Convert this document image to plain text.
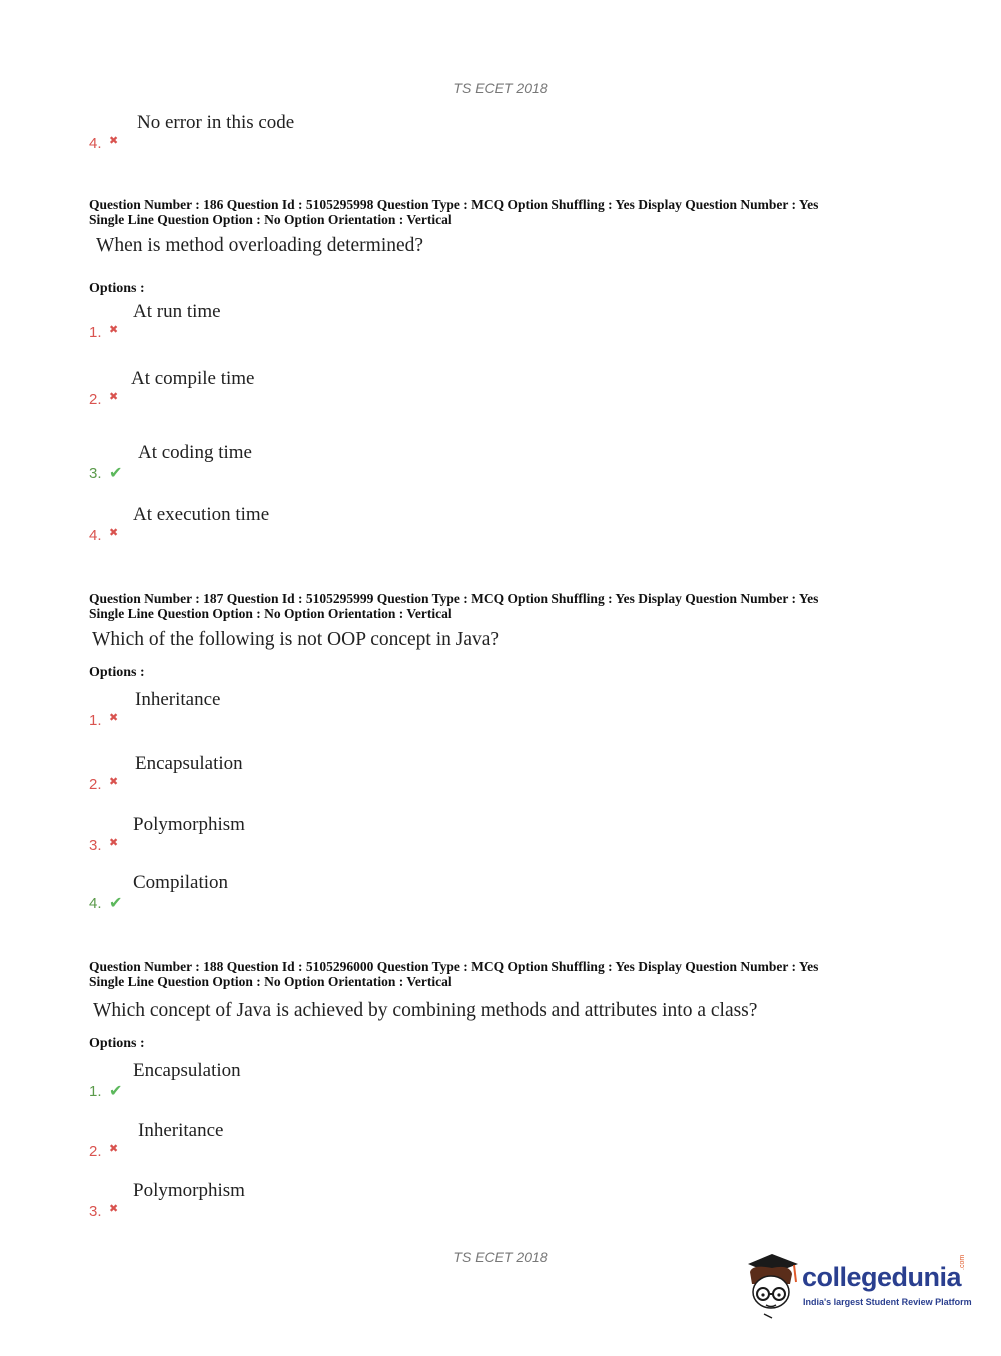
TS ECET 2018
4. ✖
No error in this code
Question Number : 186 Question Id : 5105295998 Question Type : MCQ Option Shuffling : Yes Display Question Number : Yes
Single Line Question Option : No Option Orientation : Vertical
When is method overloading determined?
Options :
1. ✖
At run time
2. ✖
At compile time
3. ✔
At coding time
4. ✖
At execution time
Question Number : 187 Question Id : 5105295999 Question Type : MCQ Option Shuffling : Yes Display Question Number : Yes
Single Line Question Option : No Option Orientation : Vertical
Which of the following is not OOP concept in Java?
Options :
1. ✖
Inheritance
2. ✖
Encapsulation
3. ✖
Polymorphism
4. ✔
Compilation
Question Number : 188 Question Id : 5105296000 Question Type : MCQ Option Shuffling : Yes Display Question Number : Yes
Single Line Question Option : No Option Orientation : Vertical
Which concept of Java is achieved by combining methods and attributes into a class?
Options :
1. ✔
Encapsulation
2. ✖
Inheritance
3. ✖
Polymorphism
TS ECET 2018
collegedunia
.com
India's largest Student Review Platform
